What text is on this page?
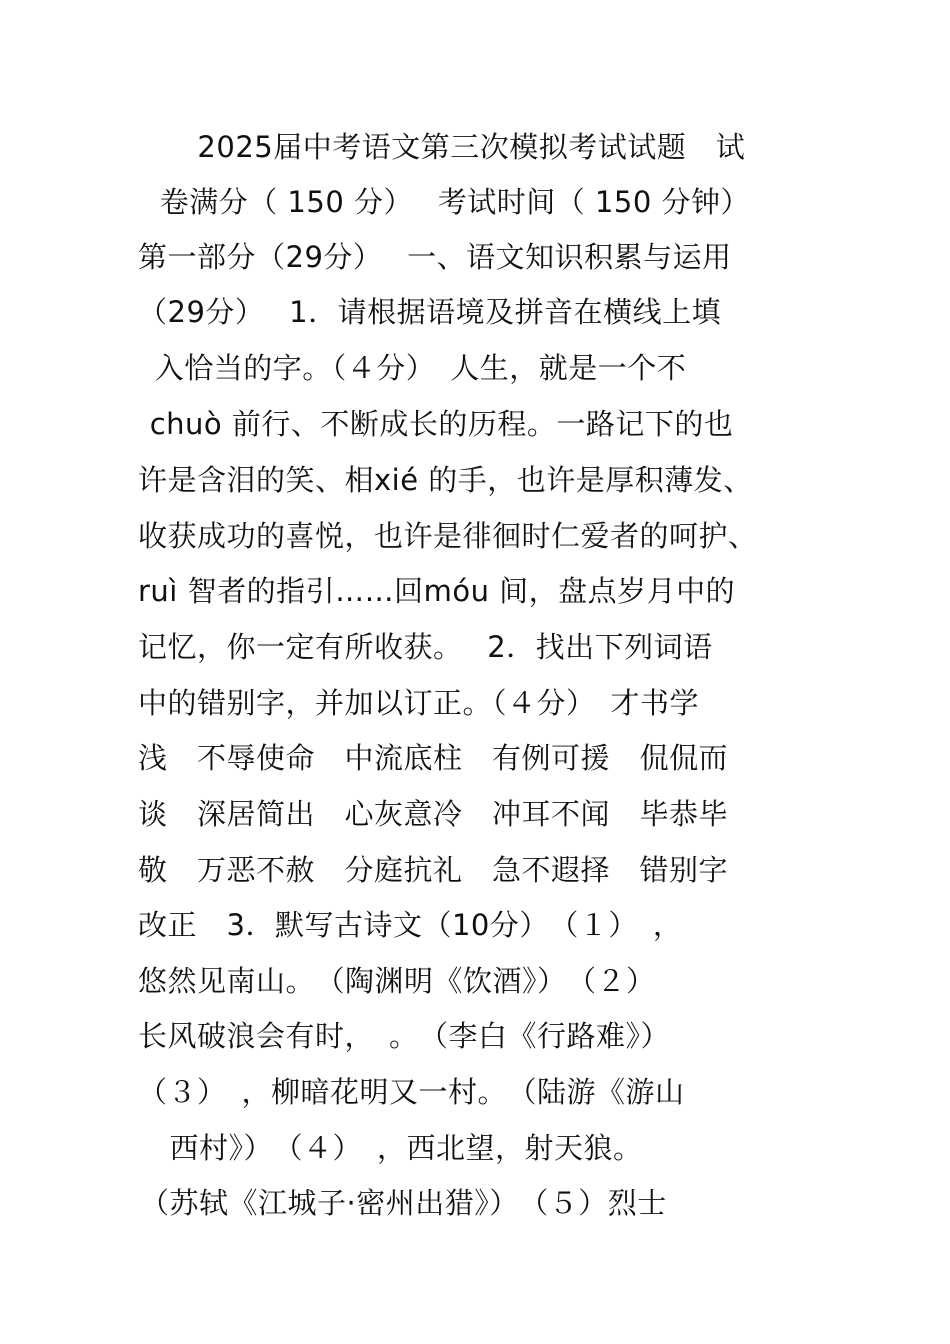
2025届中考语文第三次模拟考试试题　试
卷满分（ 150 分）　 考试时间（ 150 分钟）
第一部分（29分）　 一、语文知识积累与运用
（29分）　 1．请根据语境及拼音在横线上填
入恰当的字。（４分）　人生，就是一个不
chuò 前行、不断成长的历程。一路记下的也
许是含泪的笑、相xié 的手，也许是厚积薄发、
收获成功的喜悦，也许是徘徊时仁爱者的呵护、
ruì 智者的指引……回móu 间，盘点岁月中的
记忆，你一定有所收获。　 2．找出下列词语
中的错别字，并加以订正。（４分）　才书学
浅　不辱使命　中流底柱　有例可援　侃侃而
谈　深居简出　心灰意冷　冲耳不闻　毕恭毕
敬　万恶不赦　分庭抗礼　急不遐择　错别字
改正　3．默写古诗文（10分）　（１）　，
悠然见南山。　（陶渊明《饮酒》）　（２）
长风破浪会有时，　。　（李白《行路难》）
（３）　，柳暗花明又一村。　（陆游《游山
　西村》）　（４）　，西北望，射天狼。
（苏轼《江城子·密州出猎》）　（５）烈士
